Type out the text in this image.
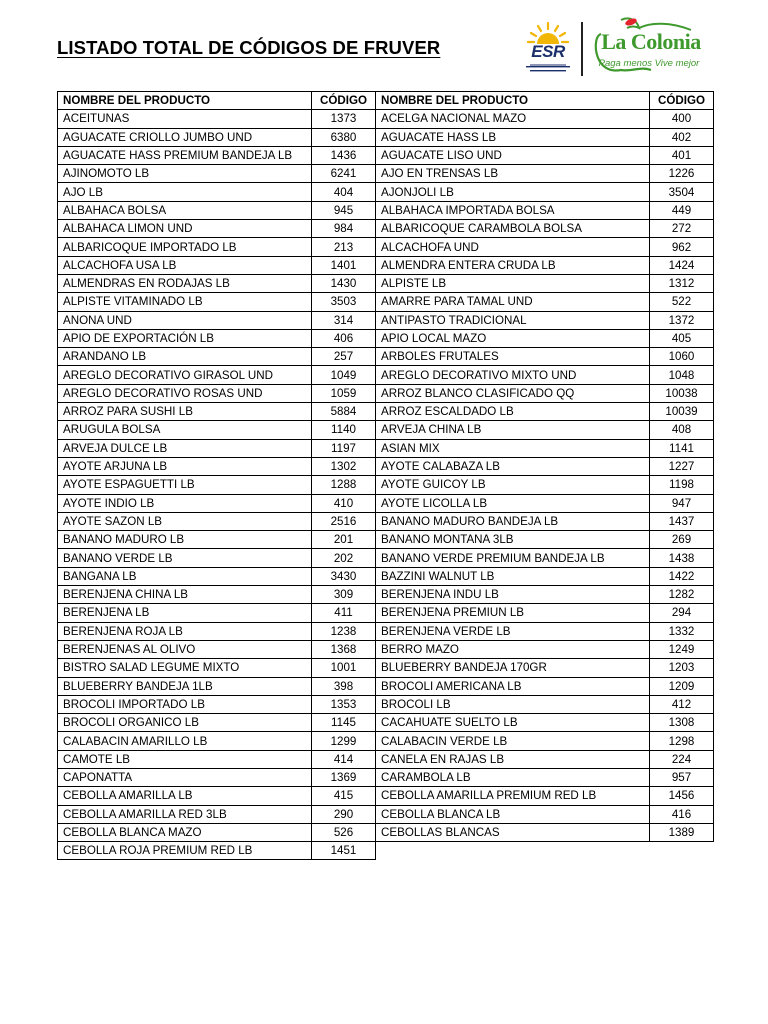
LISTADO TOTAL DE CÓDIGOS DE FRUVER	ESR	La Colonia
Paga menos Vive mejor
NOMBRE DEL PRODUCTO	CÓDIGO	NOMBRE DEL PRODUCTO	CÓDIGO
ACEITUNAS	1373	ACELGA NACIONAL MAZO	400
AGUACATE CRIOLLO JUMBO UND	6380	AGUACATE HASS LB	402
AGUACATE HASS PREMIUM BANDEJA LB	1436	AGUACATE LISO UND	401
AJINOMOTO LB	6241	AJO EN TRENSAS LB	1226
AJO LB	404	AJONJOLI LB	3504
ALBAHACA BOLSA	945	ALBAHACA IMPORTADA BOLSA	449
ALBAHACA LIMON UND	984	ALBARICOQUE CARAMBOLA BOLSA	272
ALBARICOQUE IMPORTADO LB	213	ALCACHOFA UND	962
ALCACHOFA USA LB	1401	ALMENDRA ENTERA CRUDA LB	1424
ALMENDRAS EN RODAJAS LB	1430	ALPISTE LB	1312
ALPISTE VITAMINADO LB	3503	AMARRE PARA TAMAL UND	522
ANONA UND	314	ANTIPASTO TRADICIONAL	1372
APIO DE EXPORTACIÓN LB	406	APIO LOCAL MAZO	405
ARANDANO LB	257	ARBOLES FRUTALES	1060
AREGLO DECORATIVO GIRASOL UND	1049	AREGLO DECORATIVO MIXTO UND	1048
AREGLO DECORATIVO ROSAS UND	1059	ARROZ BLANCO CLASIFICADO QQ	10038
ARROZ PARA SUSHI LB	5884	ARROZ ESCALDADO LB	10039
ARUGULA BOLSA	1140	ARVEJA CHINA LB	408
ARVEJA DULCE LB	1197	ASIAN MIX	1141
AYOTE ARJUNA LB	1302	AYOTE CALABAZA LB	1227
AYOTE ESPAGUETTI LB	1288	AYOTE GUICOY LB	1198
AYOTE INDIO LB	410	AYOTE LICOLLA LB	947
AYOTE SAZON LB	2516	BANANO MADURO BANDEJA LB	1437
BANANO MADURO LB	201	BANANO MONTANA 3LB	269
BANANO VERDE LB	202	BANANO VERDE PREMIUM BANDEJA LB	1438
BANGANA LB	3430	BAZZINI WALNUT LB	1422
BERENJENA CHINA LB	309	BERENJENA INDU LB	1282
BERENJENA LB	411	BERENJENA PREMIUN LB	294
BERENJENA ROJA LB	1238	BERENJENA VERDE LB	1332
BERENJENAS AL OLIVO	1368	BERRO MAZO	1249
BISTRO SALAD LEGUME MIXTO	1001	BLUEBERRY BANDEJA 170GR	1203
BLUEBERRY BANDEJA 1LB	398	BROCOLI AMERICANA LB	1209
BROCOLI IMPORTADO LB	1353	BROCOLI LB	412
BROCOLI ORGANICO LB	1145	CACAHUATE SUELTO LB	1308
CALABACIN AMARILLO LB	1299	CALABACIN VERDE LB	1298
CAMOTE LB	414	CANELA EN RAJAS LB	224
CAPONATTA	1369	CARAMBOLA LB	957
CEBOLLA AMARILLA LB	415	CEBOLLA AMARILLA PREMIUM RED LB	1456
CEBOLLA AMARILLA RED 3LB	290	CEBOLLA BLANCA LB	416
CEBOLLA BLANCA MAZO	526	CEBOLLAS BLANCAS	1389
CEBOLLA ROJA PREMIUM RED LB	1451		
